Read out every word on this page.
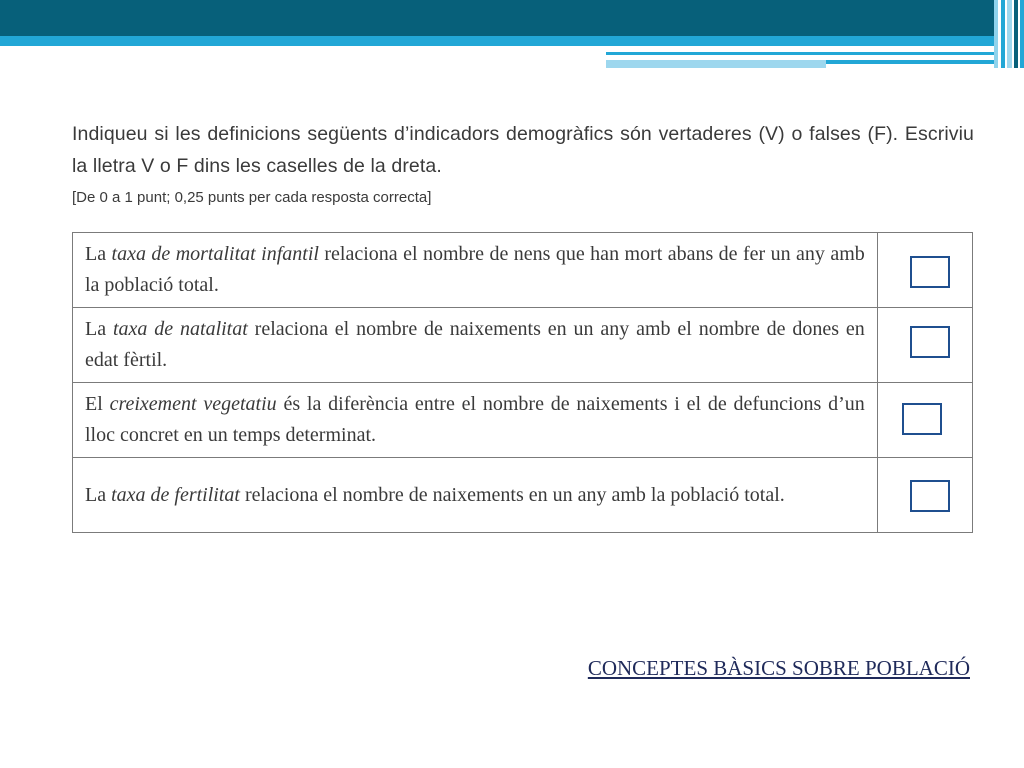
Indiqueu si les definicions següents d’indicadors demogràfics són vertaderes (V) o falses (F). Escriviu la lletra V o F dins les caselles de la dreta.

[De 0 a 1 punt; 0,25 punts per cada resposta correcta]
La taxa de mortalitat infantil relaciona el nombre de nens que han mort abans de fer un any amb la població total.	

La taxa de natalitat relaciona el nombre de naixements en un any amb el nombre de dones en edat fèrtil.	

El creixement vegetatiu és la diferència entre el nombre de naixements i el de defuncions d’un lloc concret en un temps determinat.	

La taxa de fertilitat relaciona el nombre de naixements en un any amb la població total.	
CONCEPTES BÀSICS SOBRE POBLACIÓ
